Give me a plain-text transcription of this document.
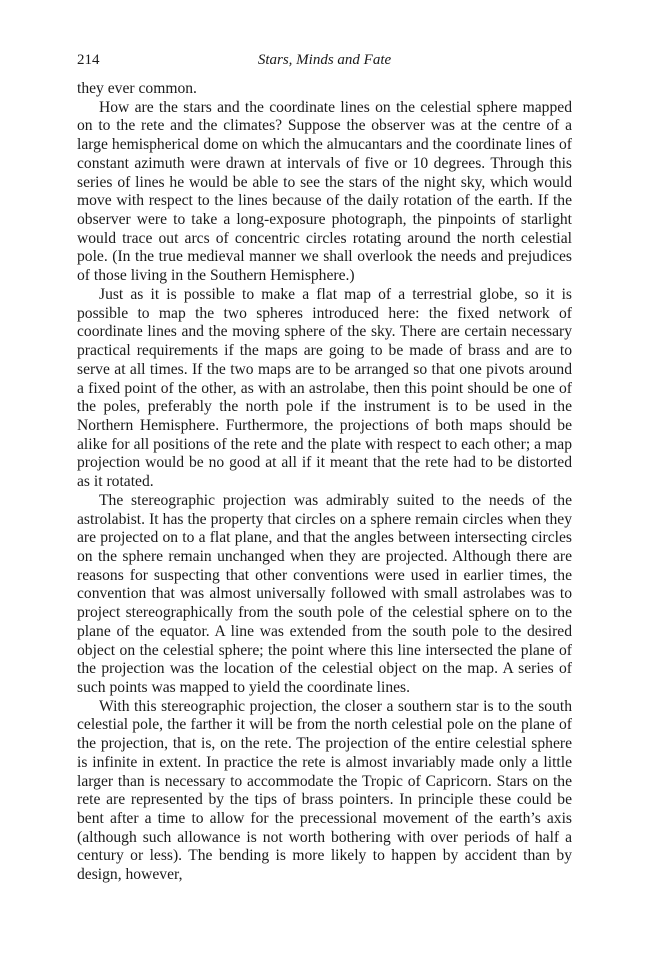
214	Stars, Minds and Fate

they ever common.

How are the stars and the coordinate lines on the celestial sphere mapped on to the rete and the climates? Suppose the observer was at the centre of a large hemispherical dome on which the almucantars and the coordinate lines of constant azimuth were drawn at intervals of five or 10 degrees. Through this series of lines he would be able to see the stars of the night sky, which would move with respect to the lines because of the daily rotation of the earth. If the observer were to take a long-exposure photograph, the pinpoints of starlight would trace out arcs of concentric circles rotating around the north celestial pole. (In the true medieval manner we shall overlook the needs and prejudices of those living in the Southern Hemisphere.)

Just as it is possible to make a flat map of a terrestrial globe, so it is possible to map the two spheres introduced here: the fixed network of coordinate lines and the moving sphere of the sky. There are certain necessary practical requirements if the maps are going to be made of brass and are to serve at all times. If the two maps are to be arranged so that one pivots around a fixed point of the other, as with an astrolabe, then this point should be one of the poles, preferably the north pole if the instrument is to be used in the Northern Hemisphere. Furthermore, the projections of both maps should be alike for all positions of the rete and the plate with respect to each other; a map projection would be no good at all if it meant that the rete had to be distorted as it rotated.

The stereographic projection was admirably suited to the needs of the astrolabist. It has the property that circles on a sphere remain circles when they are projected on to a flat plane, and that the angles between intersecting circles on the sphere remain unchanged when they are projected. Although there are reasons for suspecting that other conventions were used in earlier times, the convention that was almost universally followed with small astrolabes was to project stereographically from the south pole of the celestial sphere on to the plane of the equator. A line was extended from the south pole to the desired object on the celestial sphere; the point where this line intersected the plane of the projection was the location of the celestial object on the map. A series of such points was mapped to yield the coordinate lines.

With this stereographic projection, the closer a southern star is to the south celestial pole, the farther it will be from the north celestial pole on the plane of the projection, that is, on the rete. The projection of the entire celestial sphere is infinite in extent. In practice the rete is almost invariably made only a little larger than is necessary to accommodate the Tropic of Capricorn. Stars on the rete are represented by the tips of brass pointers. In principle these could be bent after a time to allow for the precessional movement of the earth’s axis (although such allowance is not worth bothering with over periods of half a century or less). The bending is more likely to happen by accident than by design, however,
